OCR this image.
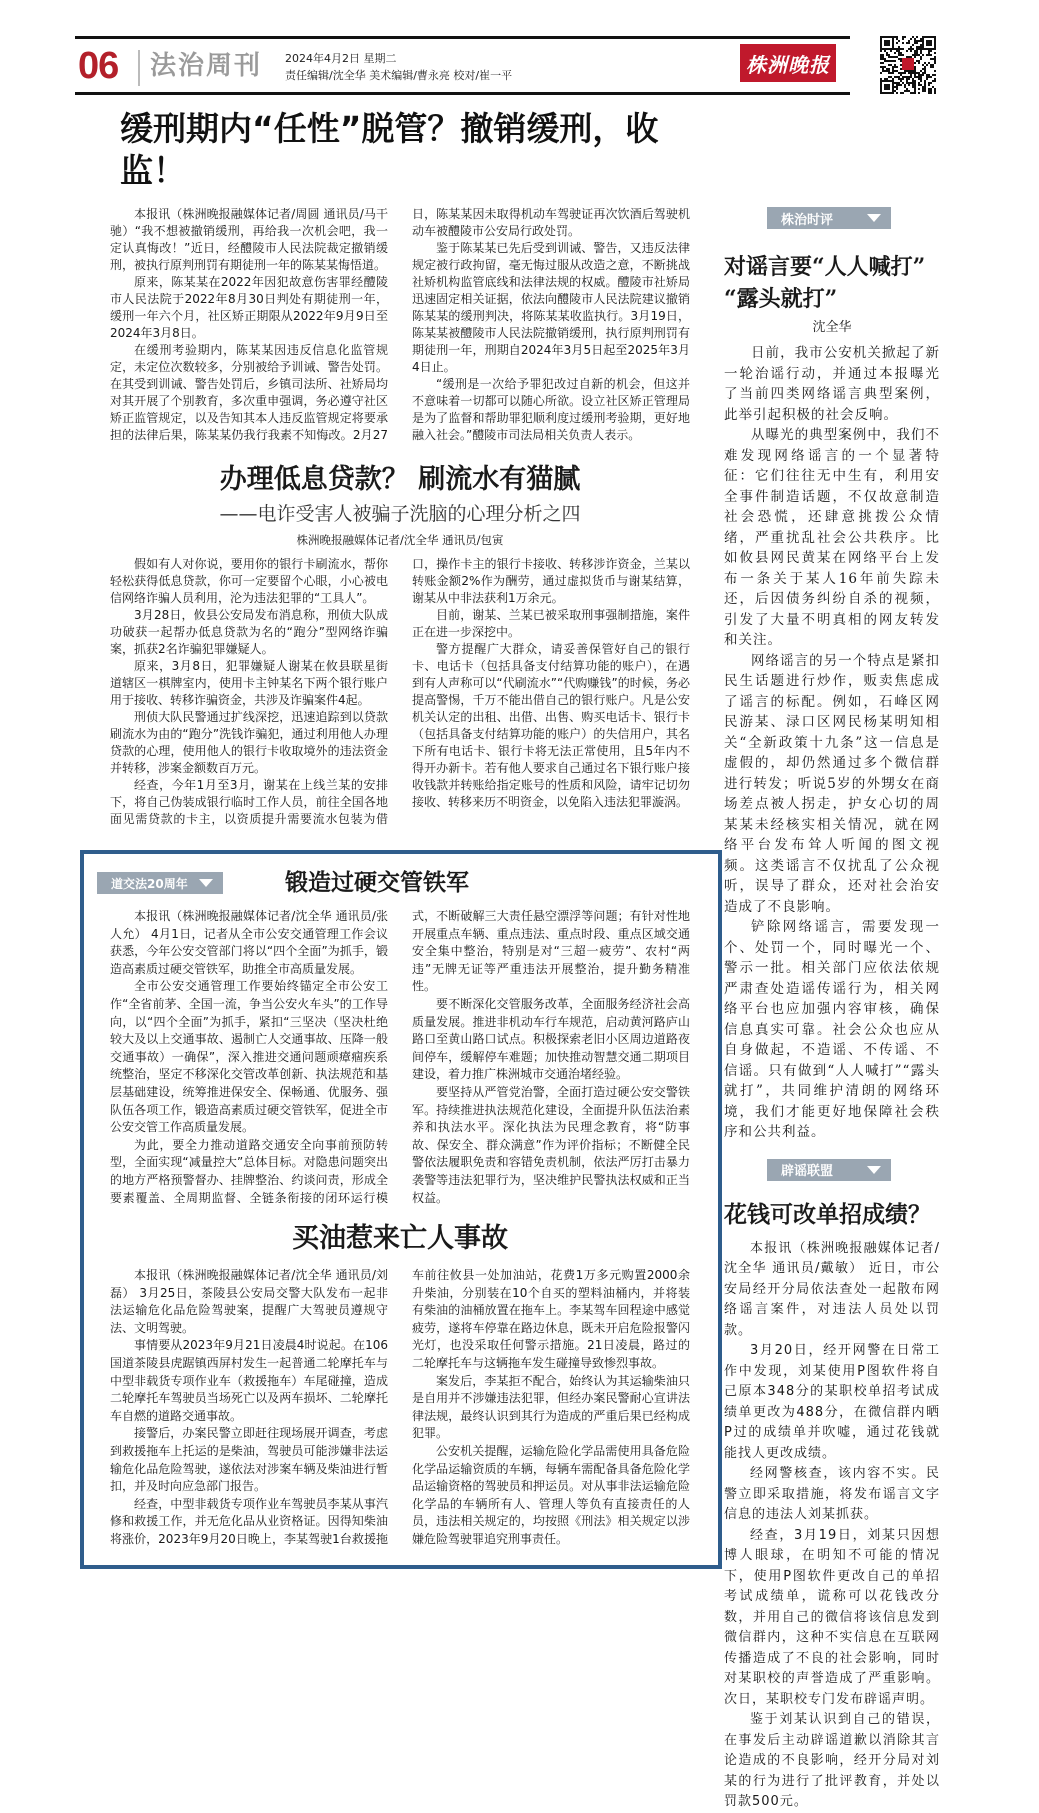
06 法治周刊 2024年4月2日 星期二
责任编辑/沈全华 美术编辑/曹永亮 校对/崔一平	株洲晚报
缓刑期内“任性”脱管？撤销缓刑，收监！

本报讯（株洲晚报融媒体记者/周圆 通讯员/马干驰）“我不想被撤销缓刑，再给我一次机会吧，我一定认真悔改！”近日，经醴陵市人民法院裁定撤销缓刑，被执行原判刑罚有期徒刑一年的陈某某悔悟道。

原来，陈某某在2022年因犯故意伤害罪经醴陵市人民法院于2022年8月30日判处有期徒刑一年，缓刑一年六个月，社区矫正期限从2022年9月9日至2024年3月8日。

在缓刑考验期内，陈某某因违反信息化监管规定，未定位次数较多，分别被给予训诫、警告处罚。在其受到训诫、警告处罚后，乡镇司法所、社矫局均对其开展了个别教育，多次重申强调，务必遵守社区矫正监管规定，以及告知其本人违反监管规定将要承担的法律后果，陈某某仍我行我素不知悔改。2月27日，陈某某因未取得机动车驾驶证再次饮酒后驾驶机动车被醴陵市公安局行政处罚。

鉴于陈某某已先后受到训诫、警告，又违反法律规定被行政拘留，毫无悔过服从改造之意，不断挑战社矫机构监管底线和法律法规的权威。醴陵市社矫局迅速固定相关证据，依法向醴陵市人民法院建议撤销陈某某的缓刑判决，将陈某某收监执行。3月19日，陈某某被醴陵市人民法院撤销缓刑，执行原判刑罚有期徒刑一年，刑期自2024年3月5日起至2025年3月4日止。

“缓刑是一次给予罪犯改过自新的机会，但这并不意味着一切都可以随心所欲。设立社区矫正管理局是为了监督和帮助罪犯顺利度过缓刑考验期，更好地融入社会。”醴陵市司法局相关负责人表示。

办理低息贷款？ 刷流水有猫腻
——电诈受害人被骗子洗脑的心理分析之四
株洲晚报融媒体记者/沈全华 通讯员/包寅

假如有人对你说，要用你的银行卡刷流水，帮你轻松获得低息贷款，你可一定要留个心眼，小心被电信网络诈骗人员利用，沦为违法犯罪的“工具人”。

3月28日，攸县公安局发布消息称，刑侦大队成功破获一起帮办低息贷款为名的“跑分”型网络诈骗案，抓获2名诈骗犯罪嫌疑人。

原来，3月8日，犯罪嫌疑人谢某在攸县联星街道辖区一棋牌室内，使用卡主钟某名下两个银行账户用于接收、转移诈骗资金，共涉及诈骗案件4起。

刑侦大队民警通过扩线深挖，迅速追踪到以贷款刷流水为由的“跑分”洗钱诈骗犯，通过利用他人办理贷款的心理，使用他人的银行卡收取境外的违法资金并转移，涉案金额数百万元。

经查，今年1月至3月，谢某在上线兰某的安排下，将自己伪装成银行临时工作人员，前往全国各地面见需贷款的卡主，以资质提升需要流水包装为借口，操作卡主的银行卡接收、转移涉诈资金，兰某以转账金额2%作为酬劳，通过虚拟货币与谢某结算，谢某从中非法获利1万余元。

目前，谢某、兰某已被采取刑事强制措施，案件正在进一步深挖中。

警方提醒广大群众，请妥善保管好自己的银行卡、电话卡（包括具备支付结算功能的账户），在遇到有人声称可以“代刷流水”“代购赚钱”的时候，务必提高警惕，千万不能出借自己的银行账户。凡是公安机关认定的出租、出借、出售、购买电话卡、银行卡（包括具备支付结算功能的账户）的失信用户，其名下所有电话卡、银行卡将无法正常使用，且5年内不得开办新卡。若有他人要求自己通过名下银行账户接收钱款并转账给指定账号的性质和风险，请牢记切勿接收、转移来历不明资金，以免陷入违法犯罪漩涡。

道交法20周年	锻造过硬交管铁军

本报讯（株洲晚报融媒体记者/沈全华 通讯员/张人允） 4月1日，记者从全市公安交通管理工作会议获悉，今年公安交管部门将以“四个全面”为抓手，锻造高素质过硬交管铁军，助推全市高质量发展。

全市公安交通管理工作要始终锚定全市公安工作“全省前茅、全国一流，争当公安火车头”的工作导向，以“四个全面”为抓手，紧扣“三坚决（坚决杜绝较大及以上交通事故、遏制亡人交通事故、压降一般交通事故）一确保”，深入推进交通问题顽瘴痼疾系统整治，坚定不移深化交管改革创新、执法规范和基层基础建设，统筹推进保安全、保畅通、优服务、强队伍各项工作，锻造高素质过硬交管铁军，促进全市公安交管工作高质量发展。

为此，要全力推动道路交通安全向事前预防转型，全面实现“减量控大”总体目标。对隐患问题突出的地方严格预警督办、挂牌整治、约谈问责，形成全要素覆盖、全周期监督、全链条衔接的闭环运行模式，不断破解三大责任悬空漂浮等问题；有针对性地开展重点车辆、重点违法、重点时段、重点区域交通安全集中整治，特别是对“三超一疲劳”、农村“两违”无牌无证等严重违法开展整治，提升勤务精准性。

要不断深化交管服务改革，全面服务经济社会高质量发展。推进非机动车行车规范，启动黄河路庐山路口至黄山路口试点。积极探索老旧小区周边道路夜间停车，缓解停车难题；加快推动智慧交通二期项目建设，着力推广株洲城市交通治堵经验。

要坚持从严管党治警，全面打造过硬公安交警铁军。持续推进执法规范化建设，全面提升队伍法治素养和执法水平。深化执法为民理念教育，将“防事故、保安全、群众满意”作为评价指标；不断健全民警依法履职免责和容错免责机制，依法严厉打击暴力袭警等违法犯罪行为，坚决维护民警执法权威和正当权益。

买油惹来亡人事故

本报讯（株洲晚报融媒体记者/沈全华 通讯员/刘磊） 3月25日，茶陵县公安局交警大队发布一起非法运输危化品危险驾驶案，提醒广大驾驶员遵规守法、文明驾驶。

事情要从2023年9月21日凌晨4时说起。在106国道茶陵县虎踞镇西屏村发生一起普通二轮摩托车与中型非载货专项作业车（救援拖车）车尾碰撞，造成二轮摩托车驾驶员当场死亡以及两车损坏、二轮摩托车自燃的道路交通事故。

接警后，办案民警立即赶往现场展开调查，考虑到救援拖车上托运的是柴油，驾驶员可能涉嫌非法运输危化品危险驾驶，遂依法对涉案车辆及柴油进行暂扣，并及时向应急部门报告。

经查，中型非载货专项作业车驾驶员李某从事汽修和救援工作，并无危化品从业资格证。因得知柴油将涨价，2023年9月20日晚上，李某驾驶1台救援拖车前往攸县一处加油站，花费1万多元购置2000余升柴油，分别装在10个自买的塑料油桶内，并将装有柴油的油桶放置在拖车上。李某驾车回程途中感觉疲劳，遂将车停靠在路边休息，既未开启危险报警闪光灯，也没采取任何警示措施。21日凌晨，路过的二轮摩托车与这辆拖车发生碰撞导致惨烈事故。

案发后，李某拒不配合，始终认为其运输柴油只是自用并不涉嫌违法犯罪，但经办案民警耐心宣讲法律法规，最终认识到其行为造成的严重后果已经构成犯罪。

公安机关提醒，运输危险化学品需使用具备危险化学品运输资质的车辆，每辆车需配备具备危险化学品运输资格的驾驶员和押运员。对从事非法运输危险化学品的车辆所有人、管理人等负有直接责任的人员，违法相关规定的，均按照《刑法》相关规定以涉嫌危险驾驶罪追究刑事责任。

株治时评
对谣言要“人人喊打”
“露头就打”
沈全华

日前，我市公安机关掀起了新一轮治谣行动，并通过本报曝光了当前四类网络谣言典型案例，此举引起积极的社会反响。

从曝光的典型案例中，我们不难发现网络谣言的一个显著特征：它们往往无中生有，利用安全事件制造话题，不仅故意制造社会恐慌，还肆意挑拨公众情绪，严重扰乱社会公共秩序。比如攸县网民黄某在网络平台上发布一条关于某人16年前失踪未还，后因债务纠纷自杀的视频，引发了大量不明真相的网友转发和关注。

网络谣言的另一个特点是紧扣民生话题进行炒作，贩卖焦虑成了谣言的标配。例如，石峰区网民游某、渌口区网民杨某明知相关“全新政策十九条”这一信息是虚假的，却仍然通过多个微信群进行转发；听说5岁的外甥女在商场差点被人拐走，护女心切的周某某未经核实相关情况，就在网络平台发布耸人听闻的图文视频。这类谣言不仅扰乱了公众视听，误导了群众，还对社会治安造成了不良影响。

铲除网络谣言，需要发现一个、处罚一个，同时曝光一个、警示一批。相关部门应依法依规严肃查处造谣传谣行为，相关网络平台也应加强内容审核，确保信息真实可靠。社会公众也应从自身做起，不造谣、不传谣、不信谣。只有做到“人人喊打”“露头就打”，共同维护清朗的网络环境，我们才能更好地保障社会秩序和公共利益。

辟谣联盟
花钱可改单招成绩？

本报讯（株洲晚报融媒体记者/沈全华 通讯员/戴敏） 近日，市公安局经开分局依法查处一起散布网络谣言案件，对违法人员处以罚款。

3月20日，经开网警在日常工作中发现，刘某使用P图软件将自己原本348分的某职校单招考试成绩单更改为488分，在微信群内晒P过的成绩单并吹嘘，通过花钱就能找人更改成绩。

经网警核查，该内容不实。民警立即采取措施，将发布谣言文字信息的违法人刘某抓获。

经查，3月19日，刘某只因想博人眼球，在明知不可能的情况下，使用P图软件更改自己的单招考试成绩单，谎称可以花钱改分数，并用自己的微信将该信息发到微信群内，这种不实信息在互联网传播造成了不良的社会影响，同时对某职校的声誉造成了严重影响。次日，某职校专门发布辟谣声明。

鉴于刘某认识到自己的错误，在事发后主动辟谣道歉以消除其言论造成的不良影响，经开分局对刘某的行为进行了批评教育，并处以罚款500元。
